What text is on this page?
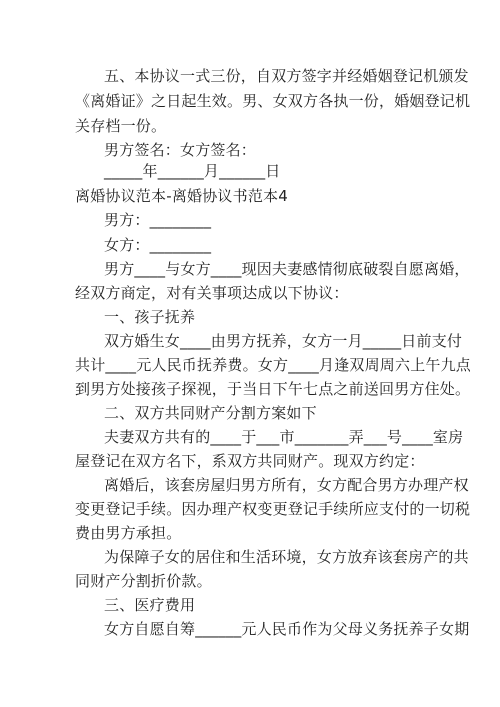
五、本协议一式三份，自双方签字并经婚姻登记机颁发
《离婚证》之日起生效。男、女双方各执一份，婚姻登记机
关存档一份。
男方签名：女方签名：
_____年______月______日
离婚协议范本-离婚协议书范本4
男方：________
女方：________
男方____与女方____现因夫妻感情彻底破裂自愿离婚，
经双方商定，对有关事项达成以下协议：
一、孩子抚养
双方婚生女____由男方抚养，女方一月_____日前支付
共计____元人民币抚养费。女方____月逢双周周六上午九点
到男方处接孩子探视，于当日下午七点之前送回男方住处。
二、双方共同财产分割方案如下
夫妻双方共有的____于___市_______弄___号____室房
屋登记在双方名下，系双方共同财产。现双方约定：
离婚后，该套房屋归男方所有，女方配合男方办理产权
变更登记手续。因办理产权变更登记手续所应支付的一切税
费由男方承担。
为保障子女的居住和生活环境，女方放弃该套房产的共
同财产分割折价款。
三、医疗费用
女方自愿自筹______元人民币作为父母义务抚养子女期
